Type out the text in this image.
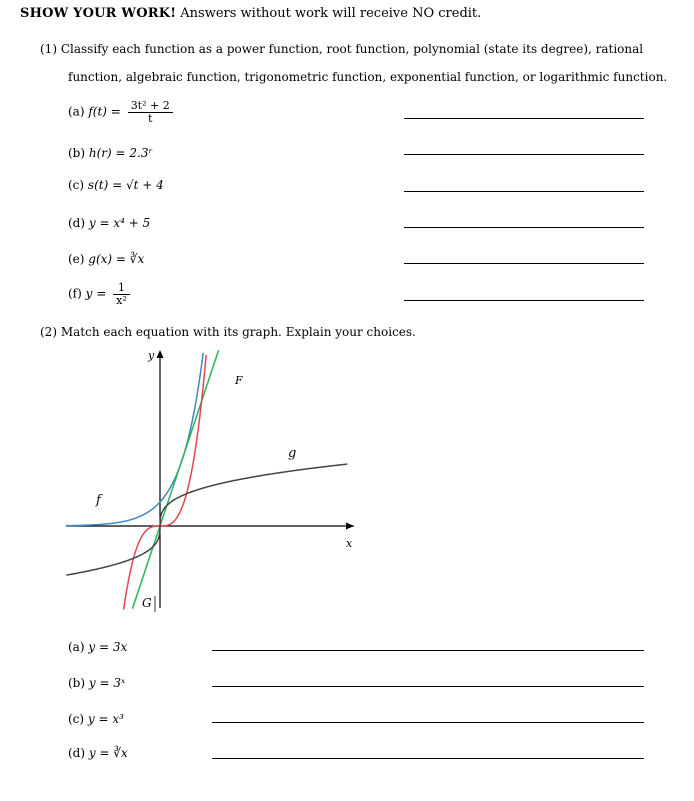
SHOW YOUR WORK! Answers without work will receive NO credit.
(1) Classify each function as a power function, root function, polynomial (state its degree), rational
function, algebraic function, trigonometric function, exponential function, or logarithmic function.
(a) $f(t) = \frac{\text{3t² + 2}}{t}$
(b) h(r) = 2.3ʳ
(c) s(t) = √t + 4
(d) y = x⁴ + 5
(e) g(x) = ∛x
(f) $y = \frac{1}{\text{x²}}$
(2) Match each equation with its graph. Explain your choices.
y
x
f
g
F
G
(a) y = 3x
(b) y = 3ˣ
(c) y = x³
(d) y = ∛x
